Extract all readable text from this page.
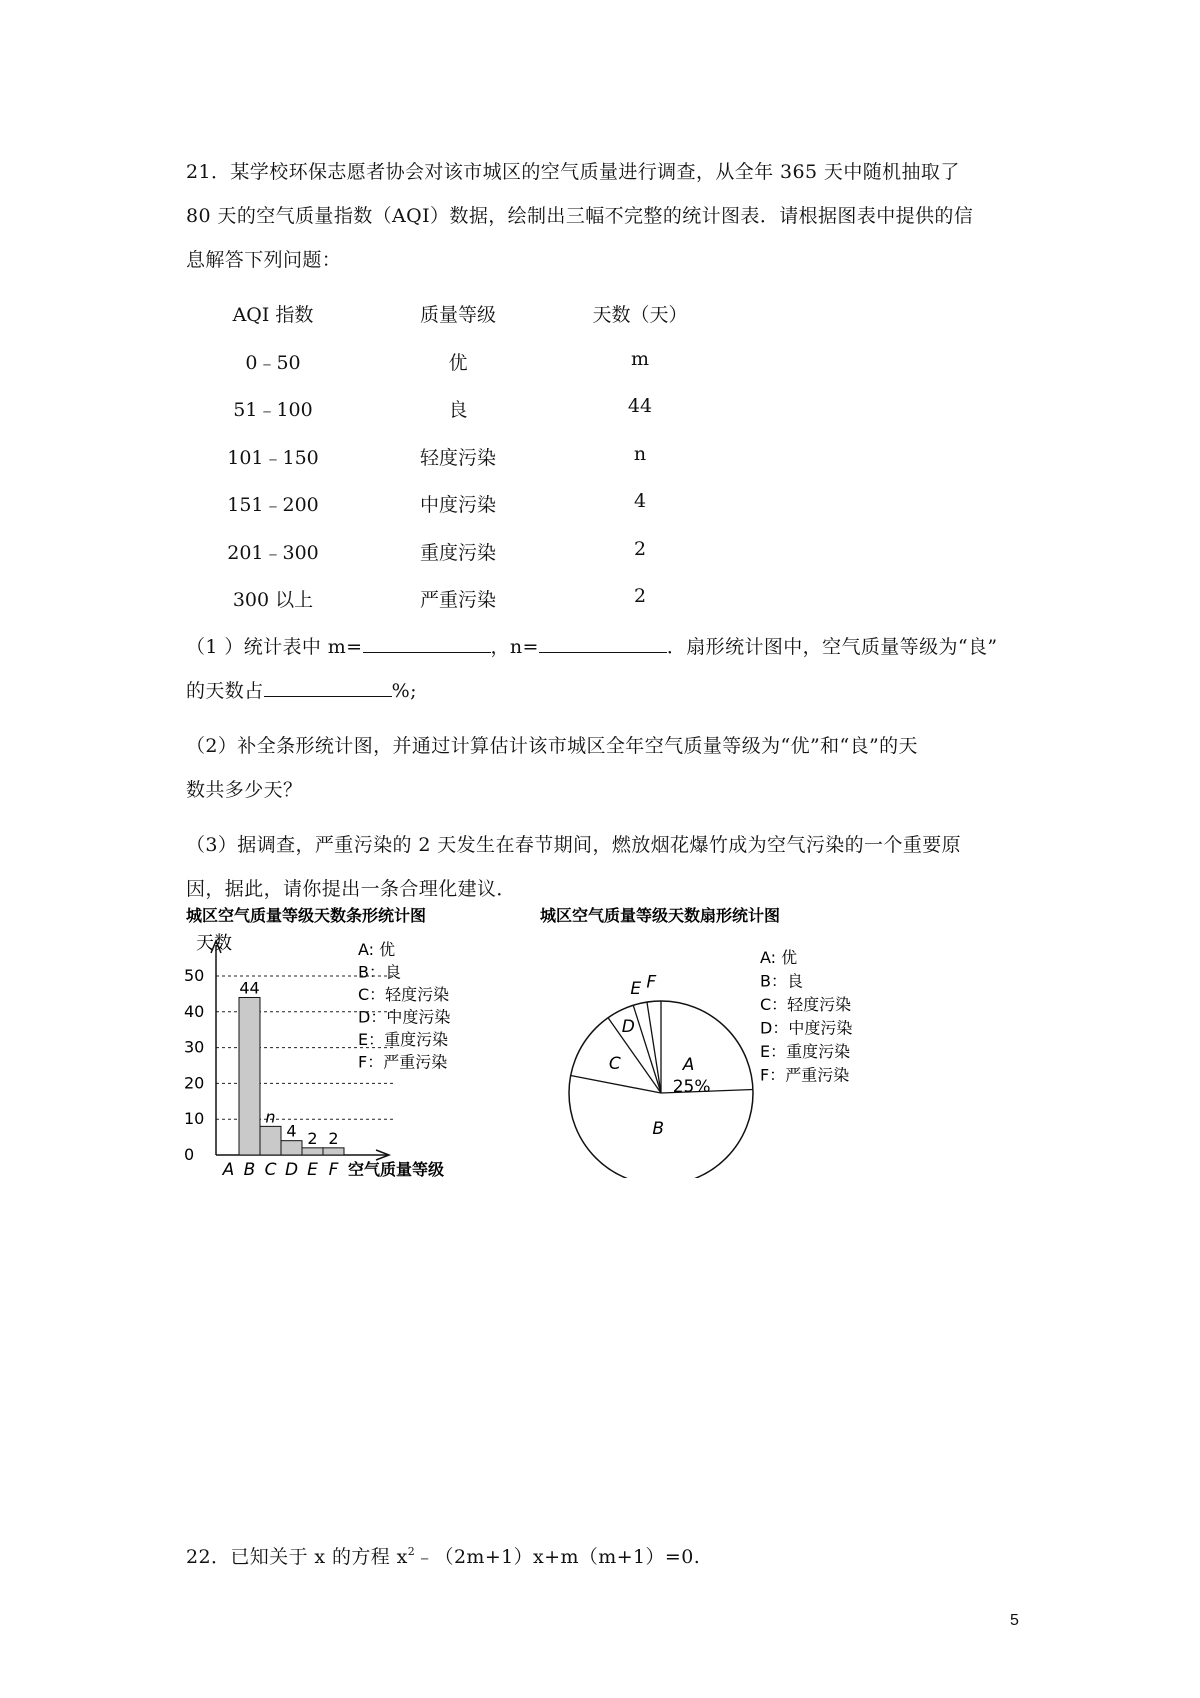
21．某学校环保志愿者协会对该市城区的空气质量进行调查，从全年 365 天中随机抽取了
80 天的空气质量指数（AQI）数据，绘制出三幅不完整的统计图表．请根据图表中提供的信
息解答下列问题：
AQI 指数	质量等级	天数（天）
0﹣50	优	m
51﹣100	良	44
101﹣150	轻度污染	n
151﹣200	中度污染	4
201﹣300	重度污染	2
300 以上	严重污染	2
（1 ）统计表中 m=	，n=	．扇形统计图中，空气质量等级为“良”
的天数占	%;
（2）补全条形统计图，并通过计算估计该市城区全年空气质量等级为“优”和“良”的天
数共多少天？
（3）据调查，严重污染的 2 天发生在春节期间，燃放烟花爆竹成为空气污染的一个重要原
因，据此，请你提出一条合理化建议．
城区空气质量等级天数条形统计图
天数	A: 优
B：良
C：轻度污染
D：中度污染
E：重度污染
F：严重污染
0
10
20
30
40
50
A
44
B
n
C
4
D
2
E
2
F 空气质量等级
城区空气质量等级天数扇形统计图
A: 优
B：良
C：轻度污染
D：中度污染
E：重度污染
F：严重污染
A
25%
B
C
D
E F
22．已知关于 x 的方程 $x^2﹣(2m+1)x+m(m+1)=0$.
5
